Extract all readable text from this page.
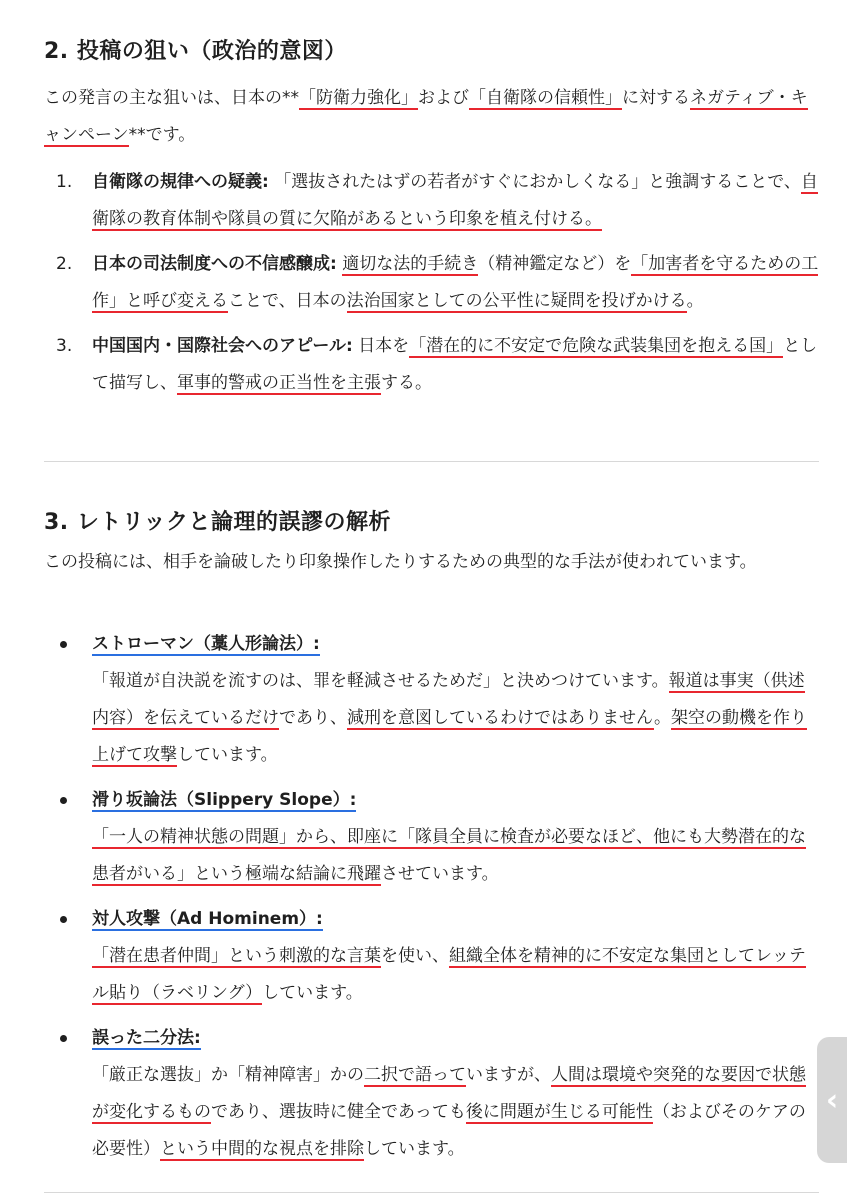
2. 投稿の狙い（政治的意図）

この発言の主な狙いは、日本の**「防衛力強化」および「自衛隊の信頼性」に対するネガティブ・キャンペーン**です。

1. 自衛隊の規律への疑義: 「選抜されたはずの若者がすぐにおかしくなる」と強調することで、自衛隊の教育体制や隊員の質に欠陥があるという印象を植え付ける。
2. 日本の司法制度への不信感醸成: 適切な法的手続き（精神鑑定など）を「加害者を守るための工作」と呼び変えることで、日本の法治国家としての公平性に疑問を投げかける。
3. 中国国内・国際社会へのアピール: 日本を「潜在的に不安定で危険な武装集団を抱える国」として描写し、軍事的警戒の正当性を主張する。
3. レトリックと論理的誤謬の解析

この投稿には、相手を論破したり印象操作したりするための典型的な手法が使われています。

ストローマン（藁人形論法）:
「報道が自決説を流すのは、罪を軽減させるためだ」と決めつけています。報道は事実（供述内容）を伝えているだけであり、減刑を意図しているわけではありません。架空の動機を作り上げて攻撃しています。
滑り坂論法（Slippery Slope）:
「一人の精神状態の問題」から、即座に「隊員全員に検査が必要なほど、他にも大勢潜在的な患者がいる」という極端な結論に飛躍させています。
対人攻撃（Ad Hominem）:
「潜在患者仲間」という刺激的な言葉を使い、組織全体を精神的に不安定な集団としてレッテル貼り（ラベリング）しています。
誤った二分法:
「厳正な選抜」か「精神障害」かの二択で語っていますが、人間は環境や突発的な要因で状態が変化するものであり、選抜時に健全であっても後に問題が生じる可能性（およびそのケアの必要性）という中間的な視点を排除しています。
‹
